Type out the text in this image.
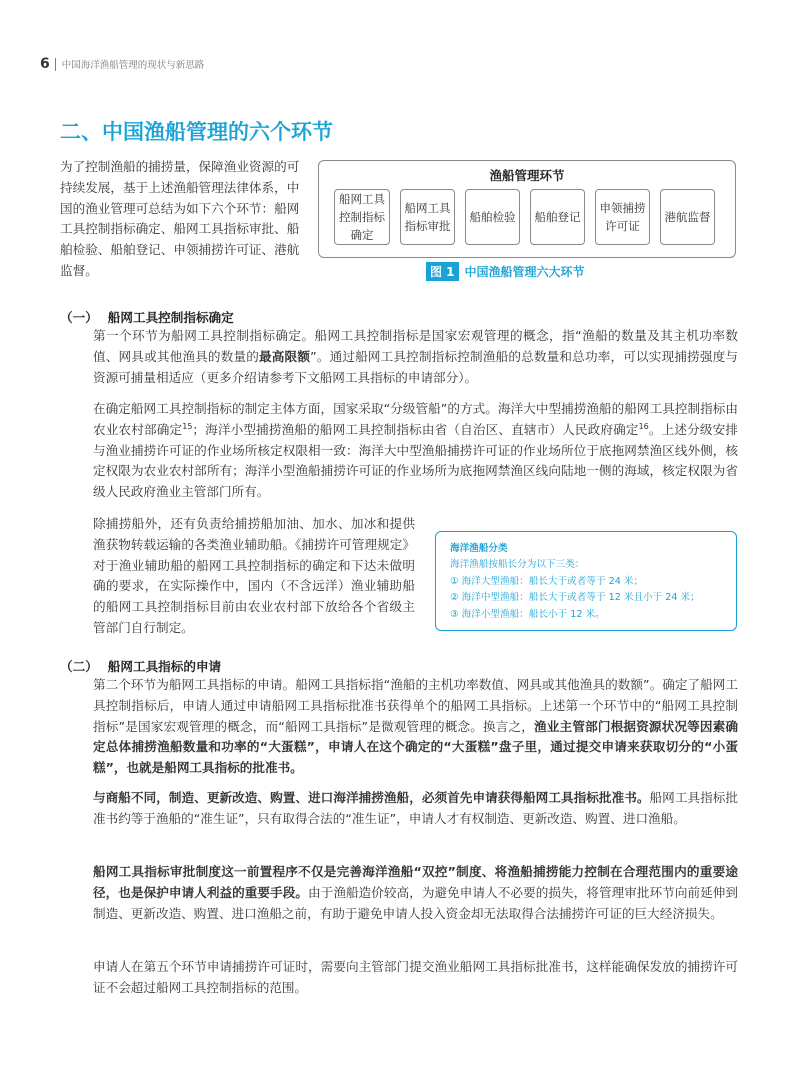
6 中国海洋渔船管理的现状与新思路
二、中国渔船管理的六个环节
为了控制渔船的捕捞量，保障渔业资源的可持续发展，基于上述渔船管理法律体系，中国的渔业管理可总结为如下六个环节：船网工具控制指标确定、船网工具指标审批、船舶检验、船舶登记、申领捕捞许可证、港航监督。
渔船管理环节
船网工具控制指标确定
船网工具指标审批
船舶检验	船舶登记
申领捕捞许可证
港航监督
图 1 中国渔船管理六大环节
（一） 船网工具控制指标确定
第一个环节为船网工具控制指标确定。船网工具控制指标是国家宏观管理的概念，指“渔船的数量及其主机功率数值、网具或其他渔具的数量的最高限额”。通过船网工具控制指标控制渔船的总数量和总功率，可以实现捕捞强度与资源可捕量相适应（更多介绍请参考下文船网工具指标的申请部分）。
在确定船网工具控制指标的制定主体方面，国家采取“分级管船”的方式。海洋大中型捕捞渔船的船网工具控制指标由农业农村部确定$^{15}$；海洋小型捕捞渔船的船网工具控制指标由省（自治区、直辖市）人民政府确定$^{16}$。上述分级安排与渔业捕捞许可证的作业场所核定权限相一致：海洋大中型渔船捕捞许可证的作业场所位于底拖网禁渔区线外侧，核定权限为农业农村部所有；海洋小型渔船捕捞许可证的作业场所为底拖网禁渔区线向陆地一侧的海域，核定权限为省级人民政府渔业主管部门所有。
除捕捞船外，还有负责给捕捞船加油、加水、加冰和提供渔获物转载运输的各类渔业辅助船。《捕捞许可管理规定》对于渔业辅助船的船网工具控制指标的确定和下达未做明确的要求，在实际操作中，国内（不含远洋）渔业辅助船的船网工具控制指标目前由农业农村部下放给各个省级主管部门自行制定。
海洋渔船分类
海洋渔船按船长分为以下三类：
① 海洋大型渔船：船长大于或者等于 24 米；
② 海洋中型渔船：船长大于或者等于 12 米且小于 24 米；
③ 海洋小型渔船：船长小于 12 米。
（二） 船网工具指标的申请
第二个环节为船网工具指标的申请。船网工具指标指“渔船的主机功率数值、网具或其他渔具的数额”。确定了船网工具控制指标后，申请人通过申请船网工具指标批准书获得单个的船网工具指标。上述第一个环节中的“船网工具控制指标”是国家宏观管理的概念，而“船网工具指标”是微观管理的概念。换言之，渔业主管部门根据资源状况等因素确定总体捕捞渔船数量和功率的“大蛋糕”，申请人在这个确定的“大蛋糕”盘子里，通过提交申请来获取切分的“小蛋糕”，也就是船网工具指标的批准书。
与商船不同，制造、更新改造、购置、进口海洋捕捞渔船，必须首先申请获得船网工具指标批准书。船网工具指标批准书约等于渔船的“准生证”，只有取得合法的“准生证”，申请人才有权制造、更新改造、购置、进口渔船。
船网工具指标审批制度这一前置程序不仅是完善海洋渔船“双控”制度、将渔船捕捞能力控制在合理范围内的重要途径，也是保护申请人利益的重要手段。由于渔船造价较高，为避免申请人不必要的损失，将管理审批环节向前延伸到制造、更新改造、购置、进口渔船之前，有助于避免申请人投入资金却无法取得合法捕捞许可证的巨大经济损失。
申请人在第五个环节申请捕捞许可证时，需要向主管部门提交渔业船网工具指标批准书，这样能确保发放的捕捞许可证不会超过船网工具控制指标的范围。
